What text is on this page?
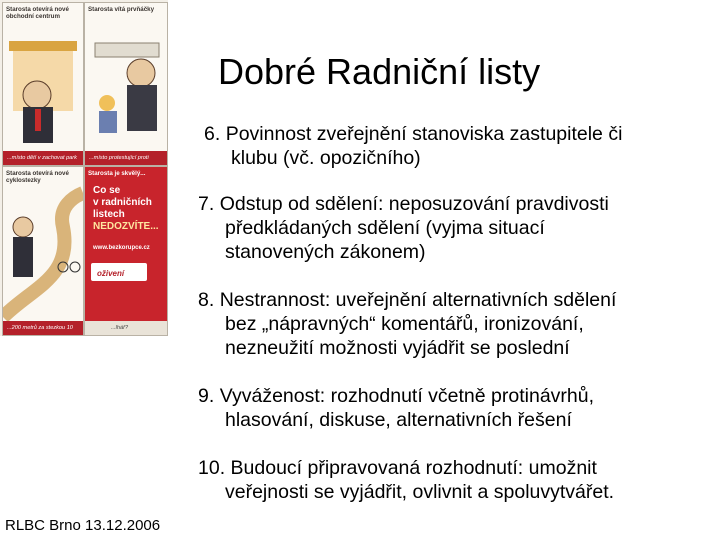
Starosta otevírá nové obchodní centrum
...místo dětí v zachovat park
Starosta vítá prvňáčky
...místo protestující proti
Starosta otevírá nové cyklostezky
...200 metrů za stezkou 10
Starosta je skvělý...
Co se
v radničních
listech
NEDOZVÍTE...
www.bezkorupce.cz
oživení
...lhář?
Dobré Radniční listy
6. Povinnost zveřejnění stanoviska zastupitele či
klubu (vč. opozičního)
7. Odstup od sdělení: neposuzování pravdivosti
předkládaných sdělení (vyjma situací
stanovených zákonem)
8. Nestrannost: uveřejnění alternativních sdělení
bez „nápravných“ komentářů, ironizování,
nezneužití možnosti vyjádřit se poslední
9. Vyváženost: rozhodnutí včetně protinávrhů,
hlasování, diskuse, alternativních řešení
10. Budoucí připravovaná rozhodnutí: umožnit
veřejnosti se vyjádřit, ovlivnit a spoluvytvářet.
RLBC Brno 13.12.2006
